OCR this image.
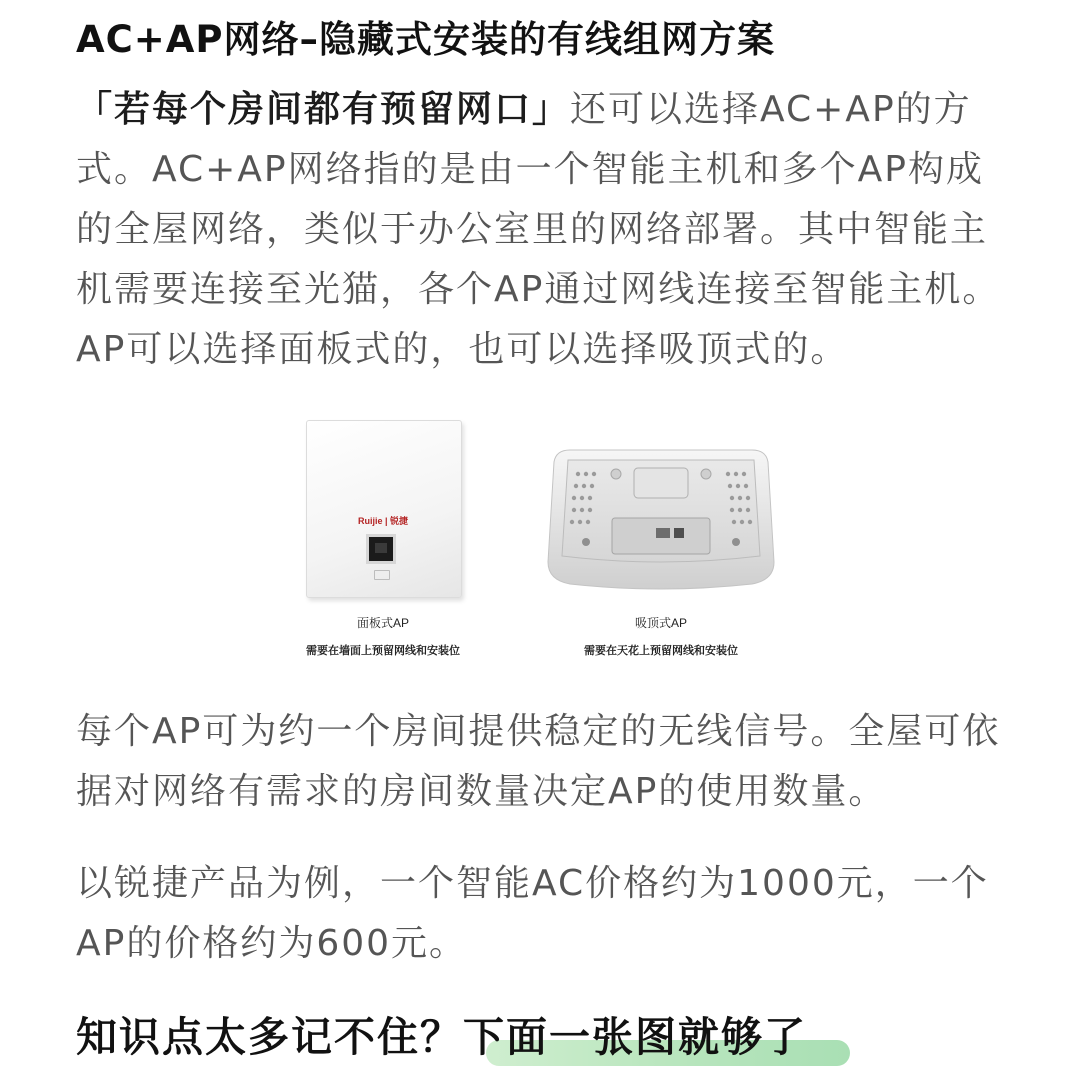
AC+AP网络–隐藏式安装的有线组网方案

「若每个房间都有预留网口」还可以选择AC+AP的方式。AC+AP网络指的是由一个智能主机和多个AP构成的全屋网络，类似于办公室里的网络部署。其中智能主机需要连接至光猫，各个AP通过网线连接至智能主机。AP可以选择面板式的，也可以选择吸顶式的。

Ruijie | 锐捷
面板式AP
需要在墙面上预留网线和安装位
吸顶式AP
需要在天花上预留网线和安装位

每个AP可为约一个房间提供稳定的无线信号。全屋可依据对网络有需求的房间数量决定AP的使用数量。

以锐捷产品为例，一个智能AC价格约为1000元，一个AP的价格约为600元。

知识点太多记不住？下面一张图就够了
